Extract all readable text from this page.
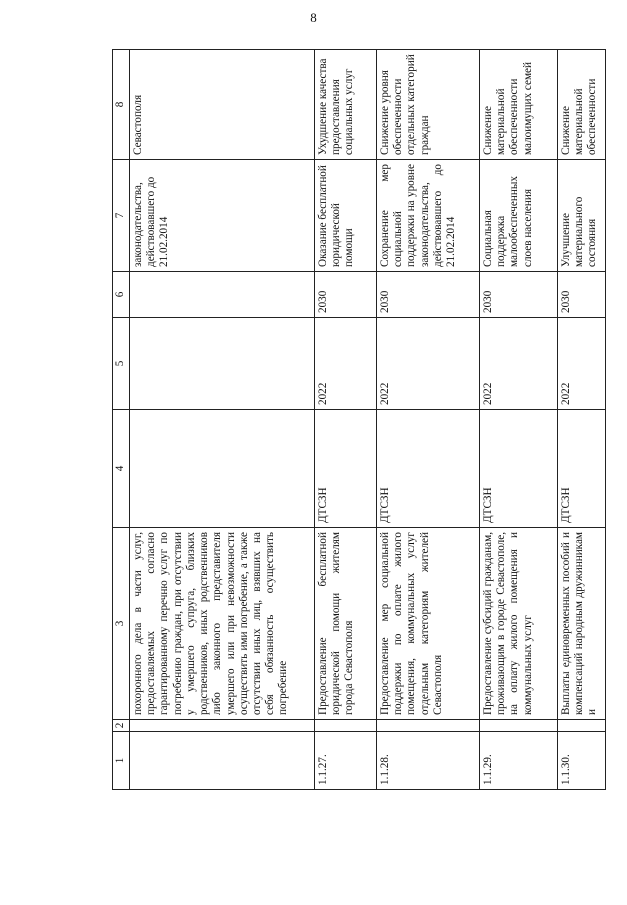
8
1	2	3	4	5	6	7	8
		похоронного дела в части услуг, предоставляемых согласно гарантированному перечню услуг по погребению граждан, при отсутствии у умершего супруга, близких родственников, иных родственников либо законного представителя умершего или при невозможности осуществить ими погребение, а также отсутствии иных лиц, взявших на себя обязанность осуществить погребение				законодательства, действовавшего до 21.02.2014	Севастополя
1.1.27.		Предоставление бесплатной юридической помощи жителям города Севастополя	ДТСЗН	2022	2030	Оказание бесплатной юридической помощи	Ухудшение качества предоставления социальных услуг
1.1.28.		Предоставление мер социальной поддержки по оплате жилого помещения, коммунальных услуг отдельным категориям жителей Севастополя	ДТСЗН	2022	2030	Сохранение мер социальной поддержки на уровне законодательства, действовавшего до 21.02.2014	Снижение уровня обеспеченности отдельных категорий граждан
1.1.29.		Предоставление субсидий гражданам, проживающим в городе Севастополе, на оплату жилого помещения и коммунальных услуг	ДТСЗН	2022	2030	Социальная поддержка малообеспеченных слоев населения	Снижение материальной обеспеченности малоимущих семей
1.1.30.		Выплаты единовременных пособий и компенсаций народным дружинникам и	ДТСЗН	2022	2030	Улучшение материального состояния	Снижение материальной обеспеченности
